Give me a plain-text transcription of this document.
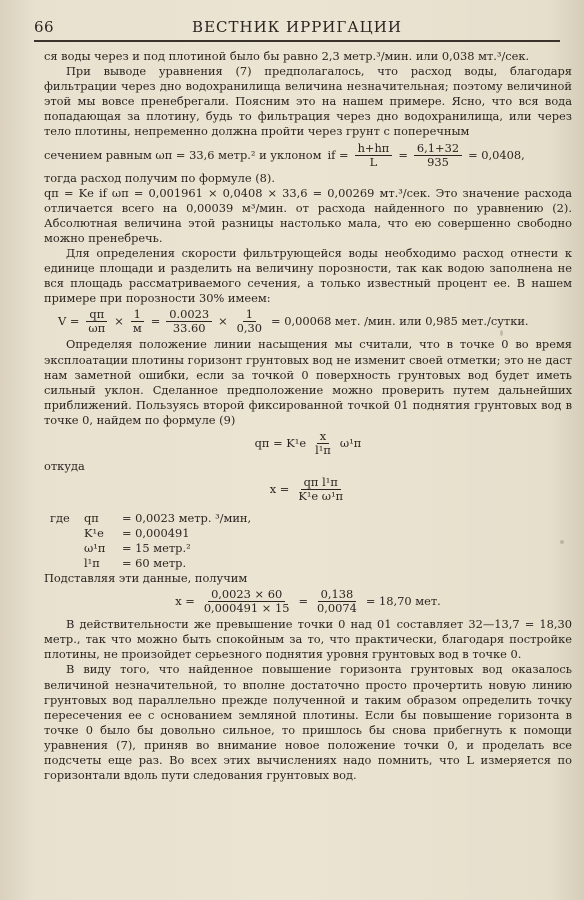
66	ВЕСТНИК ИРРИГАЦИИ

ся воды через и под плотиной было бы равно 2,3 метр.³/мин. или 0,038 мт.³/сек.

При выводе уравнения (7) предполагалось, что расход воды, благодаря фильтрации через дно водохранилища величина незначительная; поэтому величиной этой мы вовсе пренебрегали. Поясним это на нашем примере. Ясно, что вся вода попадающая за плотину, будь то фильтрация через дно водохранилища, или через тело плотины, непременно должна пройти через грунт с поперечным

сечением равным ωп = 33,6 метр.² и уклоном if = $\frac{h+hп}{L} = \frac{6,1+32}{935} = 0,0408$,

тогда расход получим по формуле (8).

qп = Kе if ωп = 0,001961 × 0,0408 × 33,6 = 0,00269 мт.³/сек. Это значение расхода отличается всего на 0,00039 м³/мин. от расхода найденного по уравнению (2). Абсолютная величина этой разницы настолько мала, что ею совершенно свободно можно пренебречь.

Для определения скорости фильтрующейся воды необходимо расход отнести к единице площади и разделить на величину порозности, так как водою заполнена не вся площадь рассматриваемого сечения, а только известный процент ее. В нашем примере при порозности 30% имеем:

$V = \frac{qп}{\omega п} \times \frac{1}{м} = \frac{0.0023}{33.60} \times \frac{1}{0,30} = 0,00068$ мет. /мин. или 0,985 мет./сутки.

Определяя положение линии насыщения мы считали, что в точке 0 во время эксплоатации плотины горизонт грунтовых вод не изменит своей отметки; это не даст нам заметной ошибки, если за точкой 0 поверхность грунтовых вод будет иметь сильный уклон. Сделанное предположение можно проверить путем дальнейших приближений. Пользуясь второй фиксированной точкой 01 поднятия грунтовых вод в точке 0, найдем по формуле (9)

qп = $K^1е \frac{x}{\text{l¹п}} \omega^1п$

откуда

$x = \frac{\text{qп l¹п}}{\text{K¹е ω¹п}}$
где qп = 0,0023 метр. ³/мин,
K¹е = 0,000491
ω¹п = 15 метр.²
l¹п = 60 метр.

Подставляя эти данные, получим

$x = \frac{0,0023 \times 60}{0,000491 \times 15} = \frac{0,138}{0,0074} = 18,70$ мет.

В действительности же превышение точки 0 над 01 составляет 32—13,7 = 18,30 метр., так что можно быть спокойным за то, что практически, благодаря постройке плотины, не произойдет серьезного поднятия уровня грунтовых вод в точке 0.

В виду того, что найденное повышение горизонта грунтовых вод оказалось величиной незначительной, то вполне достаточно просто прочертить новую линию грунтовых вод параллельно прежде полученной и таким образом определить точку пересечения ее с основанием земляной плотины. Если бы повышение горизонта в точке 0 было бы довольно сильное, то пришлось бы снова прибегнуть к помощи уравнения (7), приняв во внимание новое положение точки 0, и проделать все подсчеты еще раз. Во всех этих вычислениях надо помнить, что L измеряется по горизонтали вдоль пути следования грунтовых вод.
